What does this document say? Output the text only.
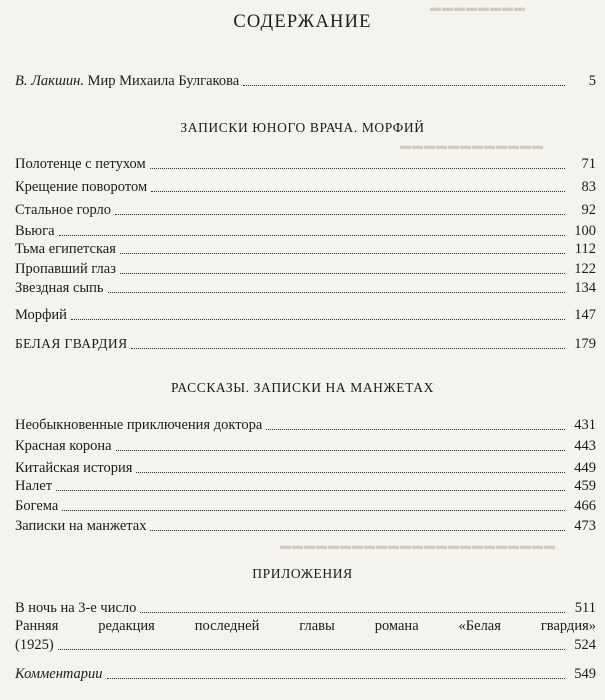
▬▬▬▬▬▬▬▬
▬▬▬▬▬▬▬▬▬▬▬▬
▬▬▬▬▬▬▬▬▬▬▬▬▬▬▬▬▬▬▬▬▬▬▬
СОДЕРЖАНИЕ
В. Лакшин. Мир Михаила Булгакова	5
ЗАПИСКИ ЮНОГО ВРАЧА. МОРФИЙ
Полотенце с петухом	71
Крещение поворотом	83
Стальное горло	92
Вьюга	100
Тьма египетская	112
Пропавший глаз	122
Звездная сыпь	134
Морфий	147
БЕЛАЯ ГВАРДИЯ	179
РАССКАЗЫ. ЗАПИСКИ НА МАНЖЕТАХ
Необыкновенные приключения доктора	431
Красная корона	443
Китайская история	449
Налет	459
Богема	466
Записки на манжетах	473
ПРИЛОЖЕНИЯ
В ночь на 3-е число	511
Ранняя редакция последней главы романа «Белая гвардия»
(1925)	524
Комментарии	549
